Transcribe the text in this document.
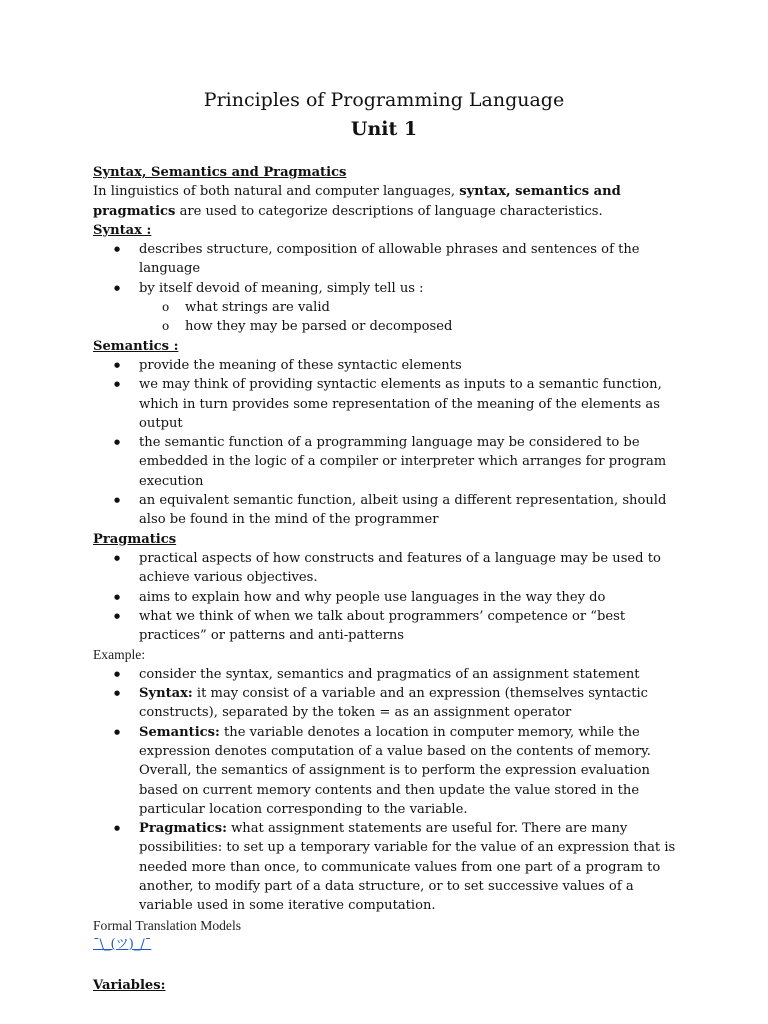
Principles of Programming Language
Unit 1

Syntax, Semantics and Pragmatics

In linguistics of both natural and computer languages, syntax, semantics and pragmatics are used to categorize descriptions of language characteristics.

Syntax :

● describes structure, composition of allowable phrases and sentences of the language
● by itself devoid of meaning, simply tell us :
o what strings are valid
o how they may be parsed or decomposed

Semantics :

● provide the meaning of these syntactic elements
● we may think of providing syntactic elements as inputs to a semantic function, which in turn provides some representation of the meaning of the elements as output
● the semantic function of a programming language may be considered to be embedded in the logic of a compiler or interpreter which arranges for program execution
● an equivalent semantic function, albeit using a different representation, should also be found in the mind of the programmer

Pragmatics

● practical aspects of how constructs and features of a language may be used to achieve various objectives.
● aims to explain how and why people use languages in the way they do
● what we think of when we talk about programmers’ competence or “best practices” or patterns and anti-patterns

Example:

● consider the syntax, semantics and pragmatics of an assignment statement
● Syntax: it may consist of a variable and an expression (themselves syntactic constructs), separated by the token = as an assignment operator
● Semantics: the variable denotes a location in computer memory, while the expression denotes computation of a value based on the contents of memory. Overall, the semantics of assignment is to perform the expression evaluation based on current memory contents and then update the value stored in the particular location corresponding to the variable.
● Pragmatics: what assignment statements are useful for. There are many possibilities: to set up a temporary variable for the value of an expression that is needed more than once, to communicate values from one part of a program to another, to modify part of a data structure, or to set successive values of a variable used in some iterative computation.

Formal Translation Models

¯\_(ツ)_/¯

Variables:
